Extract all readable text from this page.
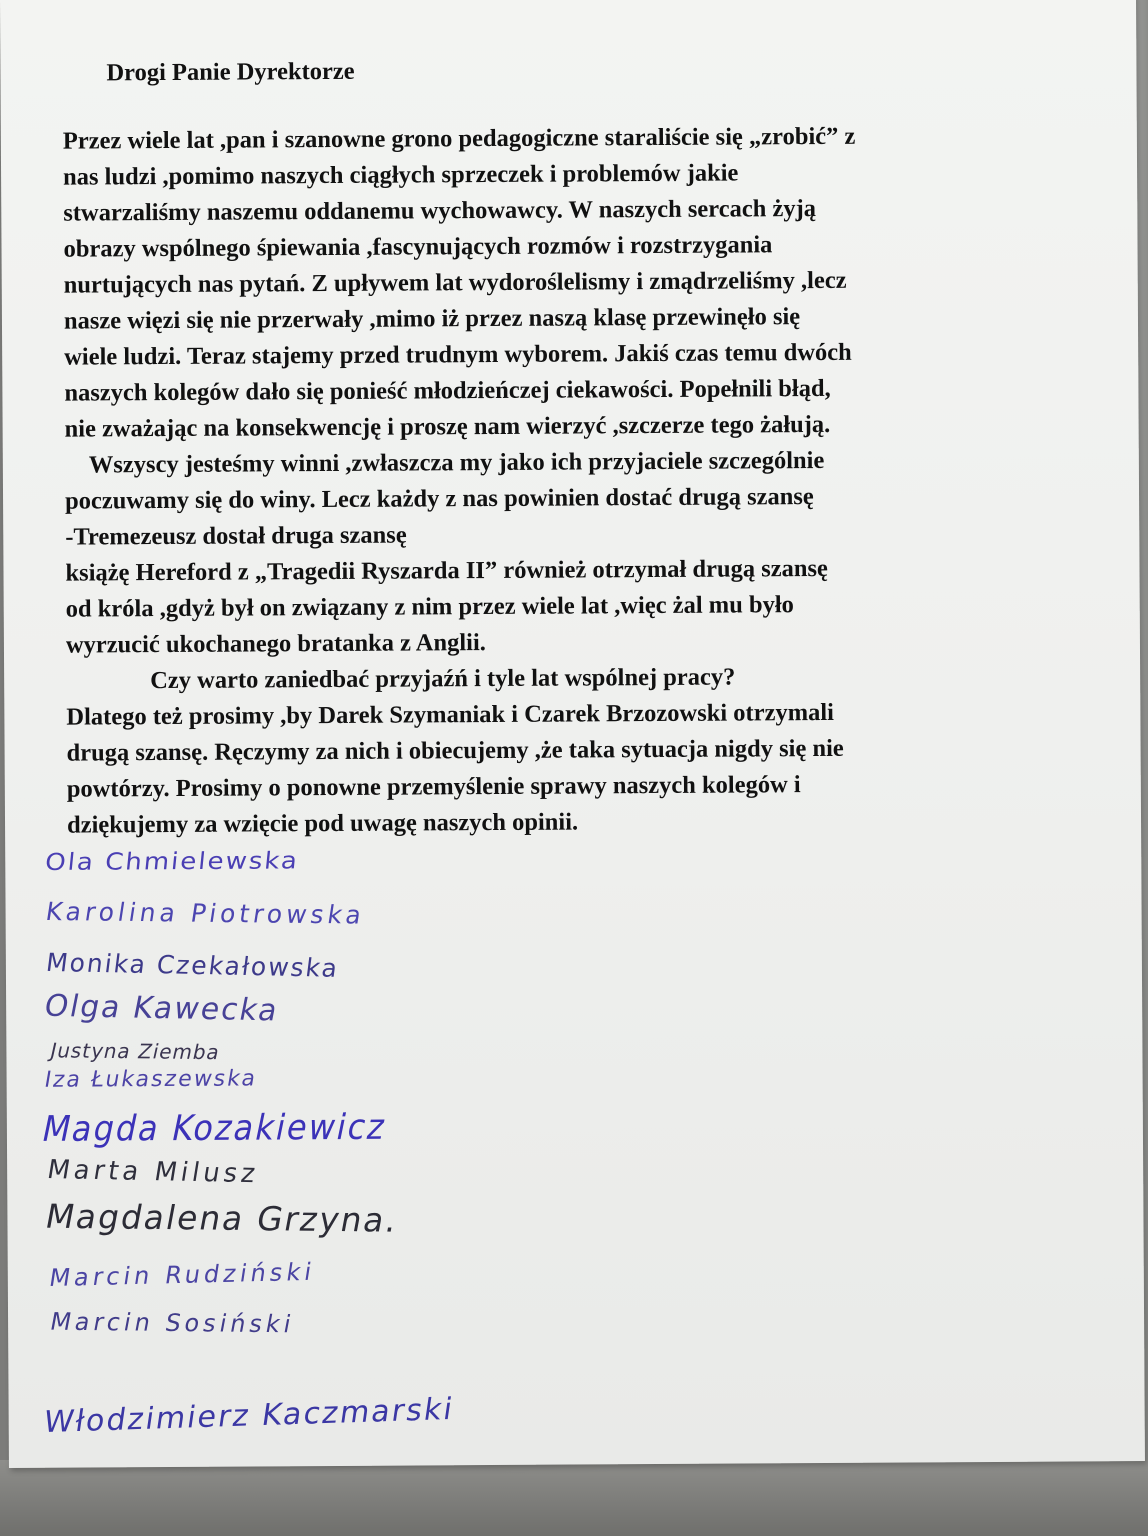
Drogi Panie Dyrektorze
Przez wiele lat ,pan i szanowne grono pedagogiczne staraliście się „zrobić” z
nas ludzi ,pomimo naszych ciągłych sprzeczek i problemów jakie
stwarzaliśmy naszemu oddanemu wychowawcy. W naszych sercach żyją
obrazy wspólnego śpiewania ,fascynujących rozmów i rozstrzygania
nurtujących nas pytań. Z upływem lat wydoroślelismy i zmądrzeliśmy ,lecz
nasze więzi się nie przerwały ,mimo iż przez naszą klasę przewinęło się
wiele ludzi. Teraz stajemy przed trudnym wyborem. Jakiś czas temu dwóch
naszych kolegów dało się ponieść młodzieńczej ciekawości. Popełnili błąd,
nie zważając na konsekwencję i proszę nam wierzyć ,szczerze tego żałują.
Wszyscy jesteśmy winni ,zwłaszcza my jako ich przyjaciele szczególnie
poczuwamy się do winy. Lecz każdy z nas powinien dostać drugą szansę
-Tremezeusz dostał druga szansę
książę Hereford z „Tragedii Ryszarda II” również otrzymał drugą szansę
od króla ,gdyż był on związany z nim przez wiele lat ,więc żal mu było
wyrzucić ukochanego bratanka z Anglii.
Czy warto zaniedbać przyjaźń i tyle lat wspólnej pracy?
Dlatego też prosimy ,by Darek Szymaniak i Czarek Brzozowski otrzymali
drugą szansę. Ręczymy za nich i obiecujemy ,że taka sytuacja nigdy się nie
powtórzy. Prosimy o ponowne przemyślenie sprawy naszych kolegów i
dziękujemy za wzięcie pod uwagę naszych opinii.
Ola Chmielewska
Karolina Piotrowska
Monika Czekałowska
Olga Kawecka
Justyna Ziemba
Iza Łukaszewska
Magda Kozakiewicz
Marta Milusz
Magdalena Grzyna.
Marcin Rudziński
Marcin Sosiński
Włodzimierz Kaczmarski
